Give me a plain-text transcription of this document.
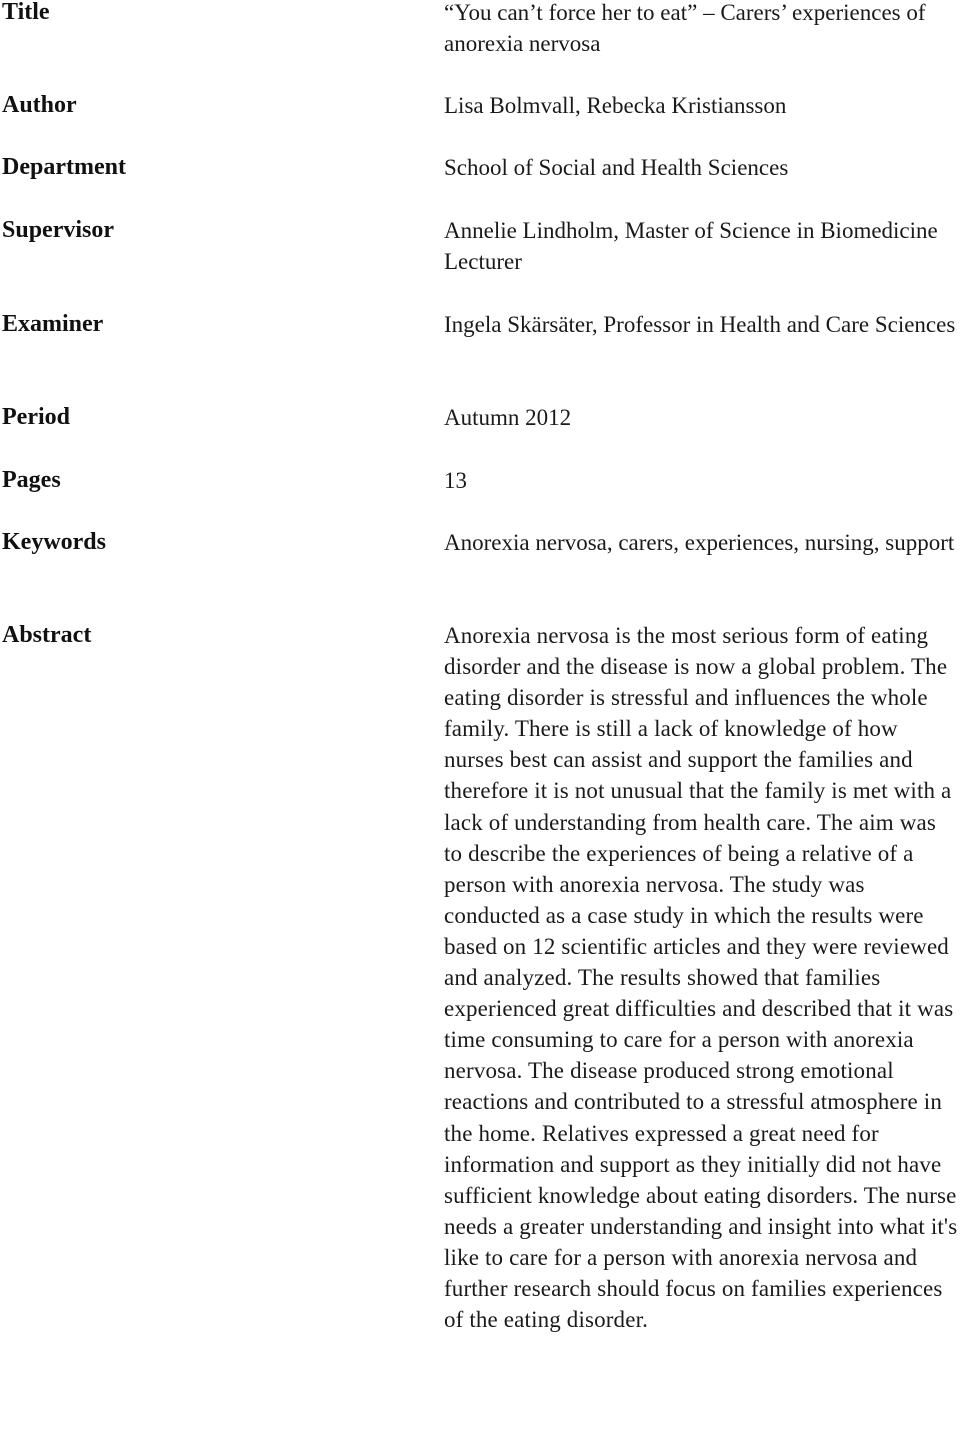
Title	“You can’t force her to eat” – Carers’ experiences of anorexia nervosa

Author	Lisa Bolmvall, Rebecka Kristiansson

Department	School of Social and Health Sciences

Supervisor	Annelie Lindholm, Master of Science in Biomedicine Lecturer

Examiner	Ingela Skärsäter, Professor in Health and Care Sciences

Period	Autumn 2012

Pages	13

Keywords	Anorexia nervosa, carers, experiences, nursing, support

Abstract	Anorexia nervosa is the most serious form of eating disorder and the disease is now a global problem. The eating disorder is stressful and influences the whole family. There is still a lack of knowledge of how nurses best can assist and support the families and therefore it is not unusual that the family is met with a lack of understanding from health care. The aim was to describe the experiences of being a relative of a person with anorexia nervosa. The study was conducted as a case study in which the results were based on 12 scientific articles and they were reviewed and analyzed. The results showed that families experienced great difficulties and described that it was time consuming to care for a person with anorexia nervosa. The disease produced strong emotional reactions and contributed to a stressful atmosphere in the home. Relatives expressed a great need for information and support as they initially did not have sufficient knowledge about eating disorders. The nurse needs a greater understanding and insight into what it's like to care for a person with anorexia nervosa and further research should focus on families experiences of the eating disorder.
